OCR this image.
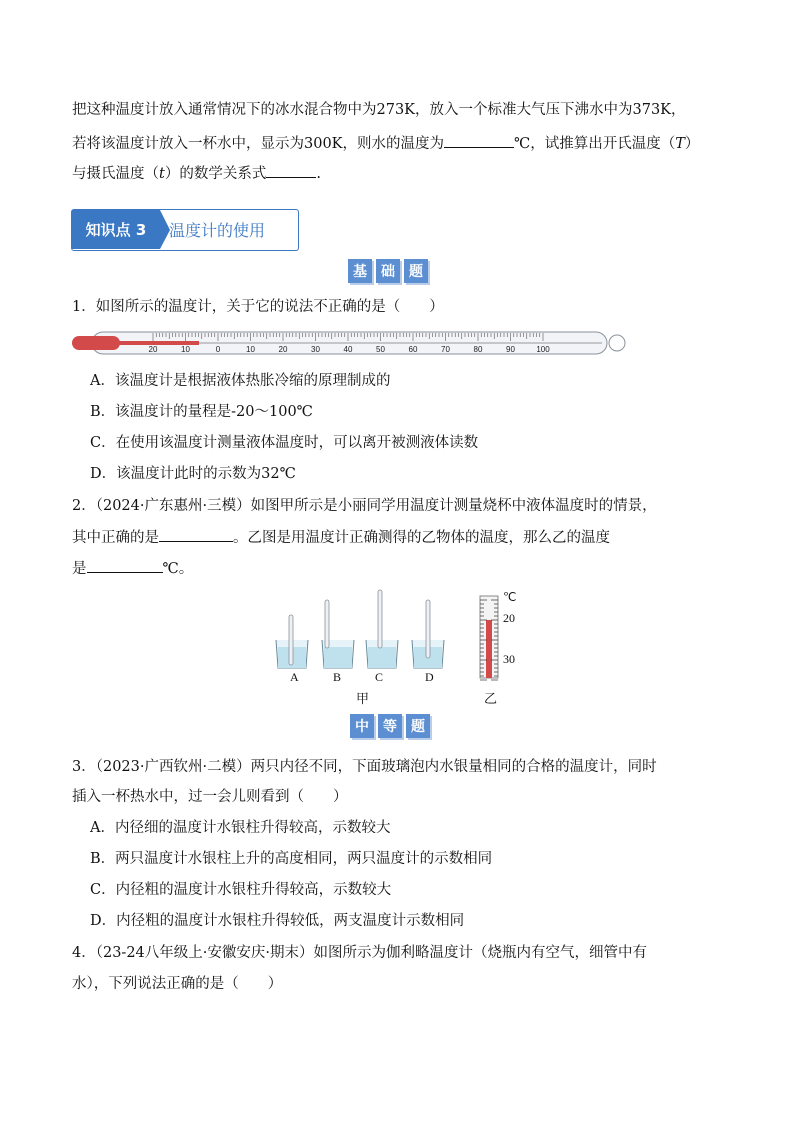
把这种温度计放入通常情况下的冰水混合物中为273K，放入一个标准大气压下沸水中为373K，
若将该温度计放入一杯水中，显示为300K，则水的温度为	℃，试推算出开氏温度（T）
与摄氏温度（t）的数学关系式	.
知识点 3	温度计的使用
基	础	题
1．如图所示的温度计，关于它的说法不正确的是（　　）
20	10	0	10	20	30	40	50	60	70	80	90	100
A．该温度计是根据液体热胀冷缩的原理制成的
B．该温度计的量程是-20～100℃
C．在使用该温度计测量液体温度时，可以离开被测液体读数
D．该温度计此时的示数为32℃
2．（2024·广东惠州·三模）如图甲所示是小丽同学用温度计测量烧杯中液体温度时的情景，
其中正确的是	。乙图是用温度计正确测得的乙物体的温度，那么乙的温度
是	℃。
A	B	C	D
甲
℃
20
30
乙
中	等	题
3．（2023·广西钦州·二模）两只内径不同，下面玻璃泡内水银量相同的合格的温度计，同时
插入一杯热水中，过一会儿则看到（　　）
A．内径细的温度计水银柱升得较高，示数较大
B．两只温度计水银柱上升的高度相同，两只温度计的示数相同
C．内径粗的温度计水银柱升得较高，示数较大
D．内径粗的温度计水银柱升得较低，两支温度计示数相同
4．（23-24八年级上·安徽安庆·期末）如图所示为伽利略温度计（烧瓶内有空气，细管中有
水），下列说法正确的是（　　）
